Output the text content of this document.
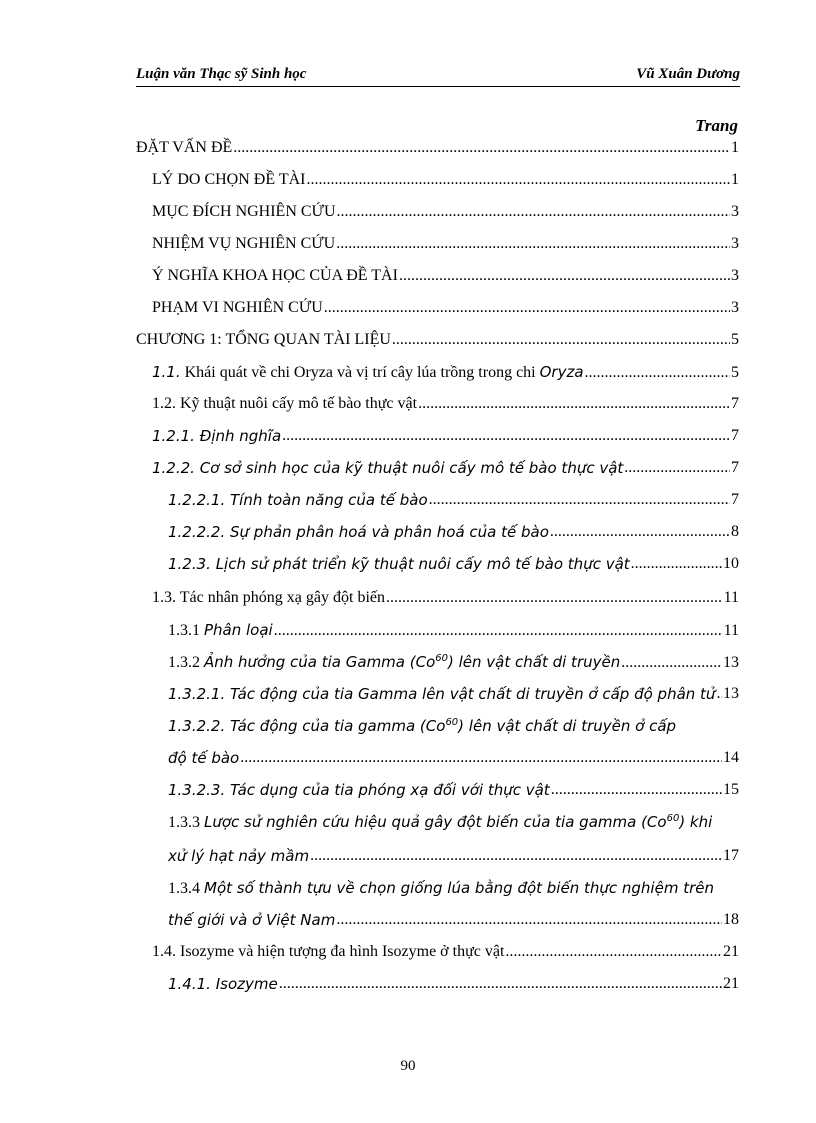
Luận văn Thạc sỹ Sinh học	Vũ Xuân Dương
Trang
ĐẶT VẤN ĐỀ .....	1
LÝ DO CHỌN ĐỀ TÀI .....	1
MỤC ĐÍCH NGHIÊN CỨU .....	3
NHIỆM VỤ NGHIÊN CỨU .....	3
Ý NGHĨA KHOA HỌC CỦA ĐỀ TÀI .....	3
PHẠM VI NGHIÊN CỨU .....	3
CHƯƠNG 1: TỔNG QUAN TÀI LIỆU .....	5
1.1. Khái quát về chi Oryza và vị trí cây lúa trồng trong chi Oryza .....	5
1.2. Kỹ thuật nuôi cấy mô tế bào thực vật .....	7
1.2.1. Định nghĩa .....	7
1.2.2. Cơ sở sinh học của kỹ thuật nuôi cấy mô tế bào thực vật .....	7
1.2.2.1. Tính toàn năng của tế bào .....	7
1.2.2.2. Sự phản phân hoá và phân hoá của tế bào .....	8
1.2.3. Lịch sử phát triển kỹ thuật nuôi cấy mô tế bào thực vật .....	10
1.3. Tác nhân phóng xạ gây đột biến .....	11
1.3.1 Phân loại .....	11
1.3.2 Ảnh hưởng của tia Gamma (Co$^{60}$) lên vật chất di truyền .....	13
1.3.2.1. Tác động của tia Gamma lên vật chất di truyền ở cấp độ phân tử ..... 13
1.3.2.2. Tác động của tia gamma (Co$^{60}$) lên vật chất di truyền ở cấp
độ tế bào .....	14
1.3.2.3. Tác dụng của tia phóng xạ đối với thực vật .....	15
1.3.3 Lược sử nghiên cứu hiệu quả gây đột biến của tia gamma (Co$^{60}$) khi
xử lý hạt nảy mầm .....	17
1.3.4 Một số thành tựu về chọn giống lúa bằng đột biến thực nghiệm trên
thế giới và ở Việt Nam .....	18
1.4. Isozyme và hiện tượng đa hình Isozyme ở thực vật .....	21
1.4.1. Isozyme .....	21
90
